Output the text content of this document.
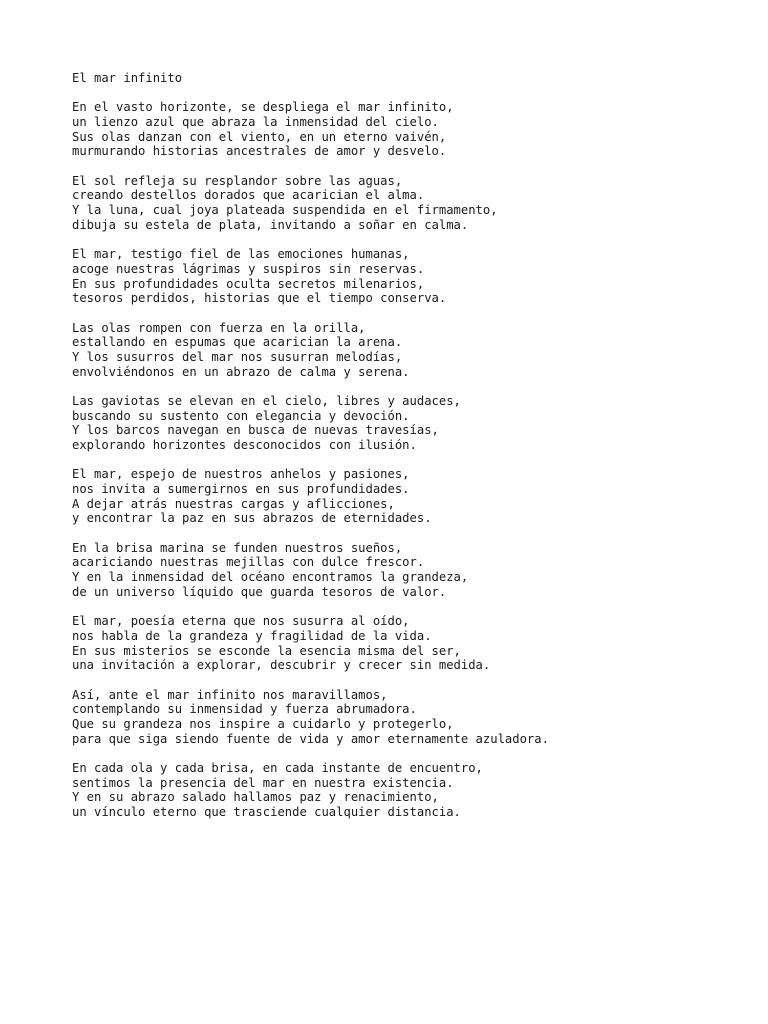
El mar infinito
En el vasto horizonte, se despliega el mar infinito,
un lienzo azul que abraza la inmensidad del cielo.
Sus olas danzan con el viento, en un eterno vaivén,
murmurando historias ancestrales de amor y desvelo.
El sol refleja su resplandor sobre las aguas,
creando destellos dorados que acarician el alma.
Y la luna, cual joya plateada suspendida en el firmamento,
dibuja su estela de plata, invitando a soñar en calma.
El mar, testigo fiel de las emociones humanas,
acoge nuestras lágrimas y suspiros sin reservas.
En sus profundidades oculta secretos milenarios,
tesoros perdidos, historias que el tiempo conserva.
Las olas rompen con fuerza en la orilla,
estallando en espumas que acarician la arena.
Y los susurros del mar nos susurran melodías,
envolviéndonos en un abrazo de calma y serena.
Las gaviotas se elevan en el cielo, libres y audaces,
buscando su sustento con elegancia y devoción.
Y los barcos navegan en busca de nuevas travesías,
explorando horizontes desconocidos con ilusión.
El mar, espejo de nuestros anhelos y pasiones,
nos invita a sumergirnos en sus profundidades.
A dejar atrás nuestras cargas y aflicciones,
y encontrar la paz en sus abrazos de eternidades.
En la brisa marina se funden nuestros sueños,
acariciando nuestras mejillas con dulce frescor.
Y en la inmensidad del océano encontramos la grandeza,
de un universo líquido que guarda tesoros de valor.
El mar, poesía eterna que nos susurra al oído,
nos habla de la grandeza y fragilidad de la vida.
En sus misterios se esconde la esencia misma del ser,
una invitación a explorar, descubrir y crecer sin medida.
Así, ante el mar infinito nos maravillamos,
contemplando su inmensidad y fuerza abrumadora.
Que su grandeza nos inspire a cuidarlo y protegerlo,
para que siga siendo fuente de vida y amor eternamente azuladora.
En cada ola y cada brisa, en cada instante de encuentro,
sentimos la presencia del mar en nuestra existencia.
Y en su abrazo salado hallamos paz y renacimiento,
un vínculo eterno que trasciende cualquier distancia.
